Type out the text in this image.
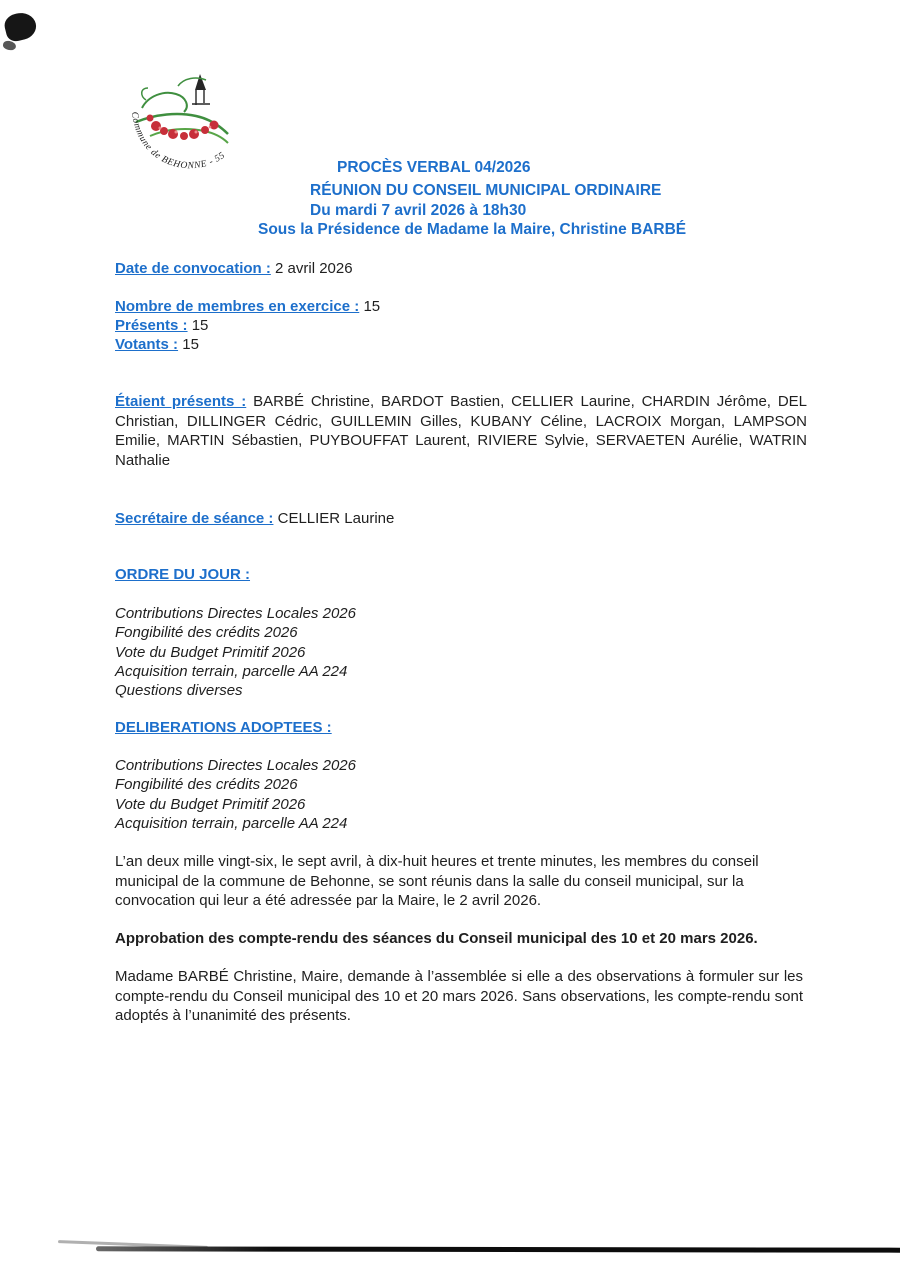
Commune de BEHONNE - 55
PROCÈS VERBAL 04/2026
RÉUNION DU CONSEIL MUNICIPAL ORDINAIRE
Du mardi 7 avril 2026 à 18h30
Sous la Présidence de Madame la Maire, Christine BARBÉ
Date de convocation : 2 avril 2026
Nombre de membres en exercice : 15
Présents : 15
Votants : 15

Étaient présents : BARBÉ Christine, BARDOT Bastien, CELLIER Laurine, CHARDIN Jérôme, DEL Christian, DILLINGER Cédric, GUILLEMIN Gilles, KUBANY Céline, LACROIX Morgan, LAMPSON Emilie, MARTIN Sébastien, PUYBOUFFAT Laurent, RIVIERE Sylvie, SERVAETEN Aurélie, WATRIN Nathalie

Secrétaire de séance : CELLIER Laurine
ORDRE DU JOUR :

Contributions Directes Locales 2026

Fongibilité des crédits 2026

Vote du Budget Primitif 2026

Acquisition terrain, parcelle AA 224

Questions diverses

DELIBERATIONS ADOPTEES :

Contributions Directes Locales 2026

Fongibilité des crédits 2026

Vote du Budget Primitif 2026

Acquisition terrain, parcelle AA 224

L’an deux mille vingt-six, le sept avril, à dix-huit heures et trente minutes, les membres du conseil municipal de la commune de Behonne, se sont réunis dans la salle du conseil municipal, sur la convocation qui leur a été adressée par la Maire, le 2 avril 2026.

Approbation des compte-rendu des séances du Conseil municipal des 10 et 20 mars 2026.

Madame BARBÉ Christine, Maire, demande à l’assemblée si elle a des observations à formuler sur les compte-rendu du Conseil municipal des 10 et 20 mars 2026. Sans observations, les compte-rendu sont adoptés à l’unanimité des présents.
